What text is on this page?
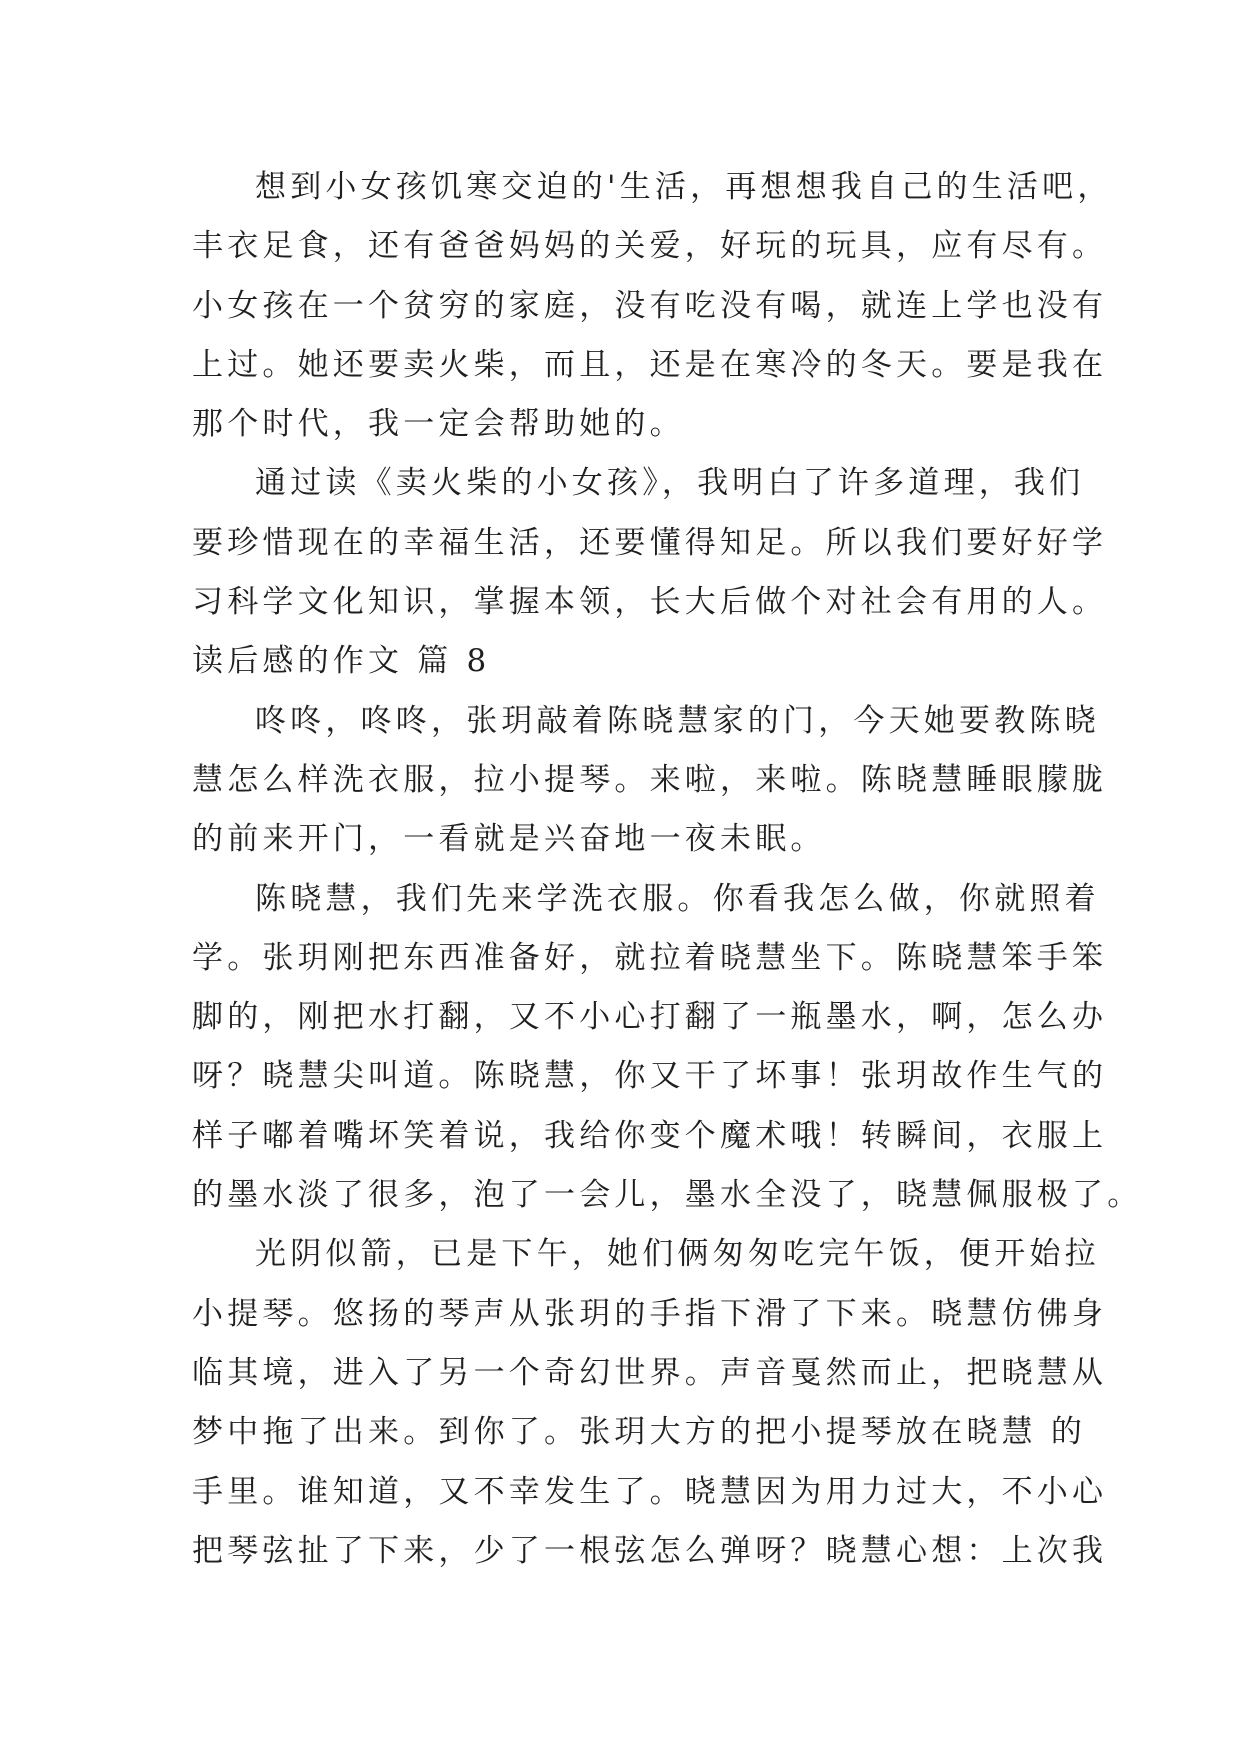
想到小女孩饥寒交迫的'生活，再想想我自己的生活吧，

丰衣足食，还有爸爸妈妈的关爱，好玩的玩具，应有尽有。

小女孩在一个贫穷的家庭，没有吃没有喝，就连上学也没有

上过。她还要卖火柴，而且，还是在寒冷的冬天。要是我在

那个时代，我一定会帮助她的。

通过读《卖火柴的小女孩》，我明白了许多道理，我们

要珍惜现在的幸福生活，还要懂得知足。所以我们要好好学

习科学文化知识，掌握本领，长大后做个对社会有用的人。

读后感的作文 篇 8

咚咚，咚咚，张玥敲着陈晓慧家的门，今天她要教陈晓

慧怎么样洗衣服，拉小提琴。来啦，来啦。陈晓慧睡眼朦胧

的前来开门，一看就是兴奋地一夜未眠。

陈晓慧，我们先来学洗衣服。你看我怎么做，你就照着

学。张玥刚把东西准备好，就拉着晓慧坐下。陈晓慧笨手笨

脚的，刚把水打翻，又不小心打翻了一瓶墨水，啊，怎么办

呀？晓慧尖叫道。陈晓慧，你又干了坏事！张玥故作生气的

样子嘟着嘴坏笑着说，我给你变个魔术哦！转瞬间，衣服上

的墨水淡了很多，泡了一会儿，墨水全没了，晓慧佩服极了。

光阴似箭，已是下午，她们俩匆匆吃完午饭，便开始拉

小提琴。悠扬的琴声从张玥的手指下滑了下来。晓慧仿佛身

临其境，进入了另一个奇幻世界。声音戛然而止，把晓慧从

梦中拖了出来。到你了。张玥大方的把小提琴放在晓慧 的

手里。谁知道，又不幸发生了。晓慧因为用力过大，不小心

把琴弦扯了下来，少了一根弦怎么弹呀？晓慧心想：上次我
